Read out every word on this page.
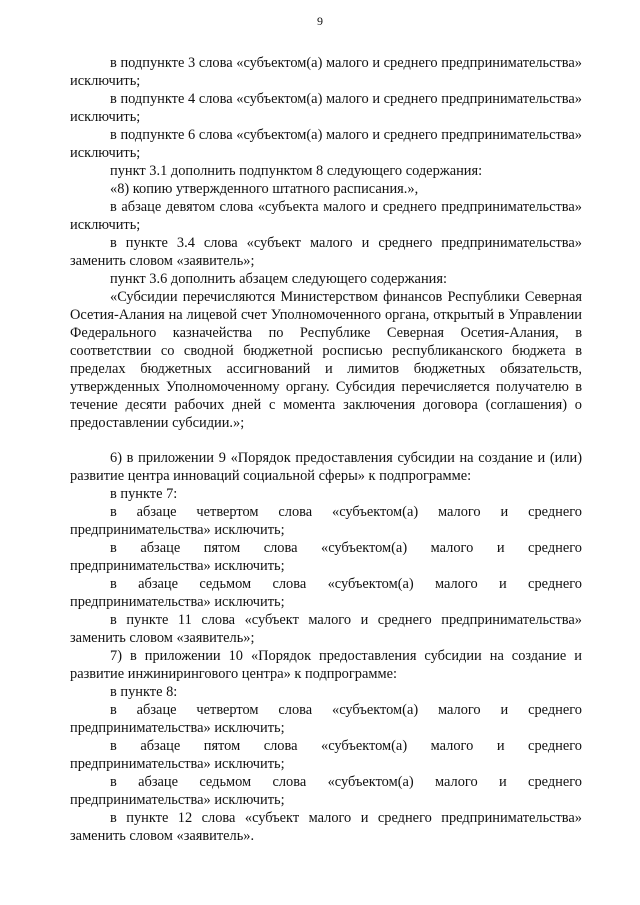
9

в подпункте 3 слова «субъектом(а) малого и среднего предпринимательства» исключить;

в подпункте 4 слова «субъектом(а) малого и среднего предпринимательства» исключить;

в подпункте 6 слова «субъектом(а) малого и среднего предпринимательства» исключить;

пункт 3.1 дополнить подпунктом 8 следующего содержания:

«8) копию утвержденного штатного расписания.»,

в абзаце девятом слова «субъекта малого и среднего предпринимательства» исключить;

в пункте 3.4 слова «субъект малого и среднего предпринимательства» заменить словом «заявитель»;

пункт 3.6 дополнить абзацем следующего содержания:

«Субсидии перечисляются Министерством финансов Республики Северная Осетия-Алания на лицевой счет Уполномоченного органа, открытый в Управлении Федерального казначейства по Республике Северная Осетия-Алания, в соответствии со сводной бюджетной росписью республиканского бюджета в пределах бюджетных ассигнований и лимитов бюджетных обязательств, утвержденных Уполномоченному органу. Субсидия перечисляется получателю в течение десяти рабочих дней с момента заключения договора (соглашения) о предоставлении субсидии.»;

6) в приложении 9 «Порядок предоставления субсидии на создание и (или) развитие центра инноваций социальной сферы» к подпрограмме:

в пункте 7:

в абзаце четвертом слова «субъектом(а) малого и среднего предпринимательства» исключить;

в абзаце пятом слова «субъектом(а) малого и среднего предпринимательства» исключить;

в абзаце седьмом слова «субъектом(а) малого и среднего предпринимательства» исключить;

в пункте 11 слова «субъект малого и среднего предпринимательства» заменить словом «заявитель»;

7) в приложении 10 «Порядок предоставления субсидии на создание и развитие инжинирингового центра» к подпрограмме:

в пункте 8:

в абзаце четвертом слова «субъектом(а) малого и среднего предпринимательства» исключить;

в абзаце пятом слова «субъектом(а) малого и среднего предпринимательства» исключить;

в абзаце седьмом слова «субъектом(а) малого и среднего предпринимательства» исключить;

в пункте 12 слова «субъект малого и среднего предпринимательства» заменить словом «заявитель».
